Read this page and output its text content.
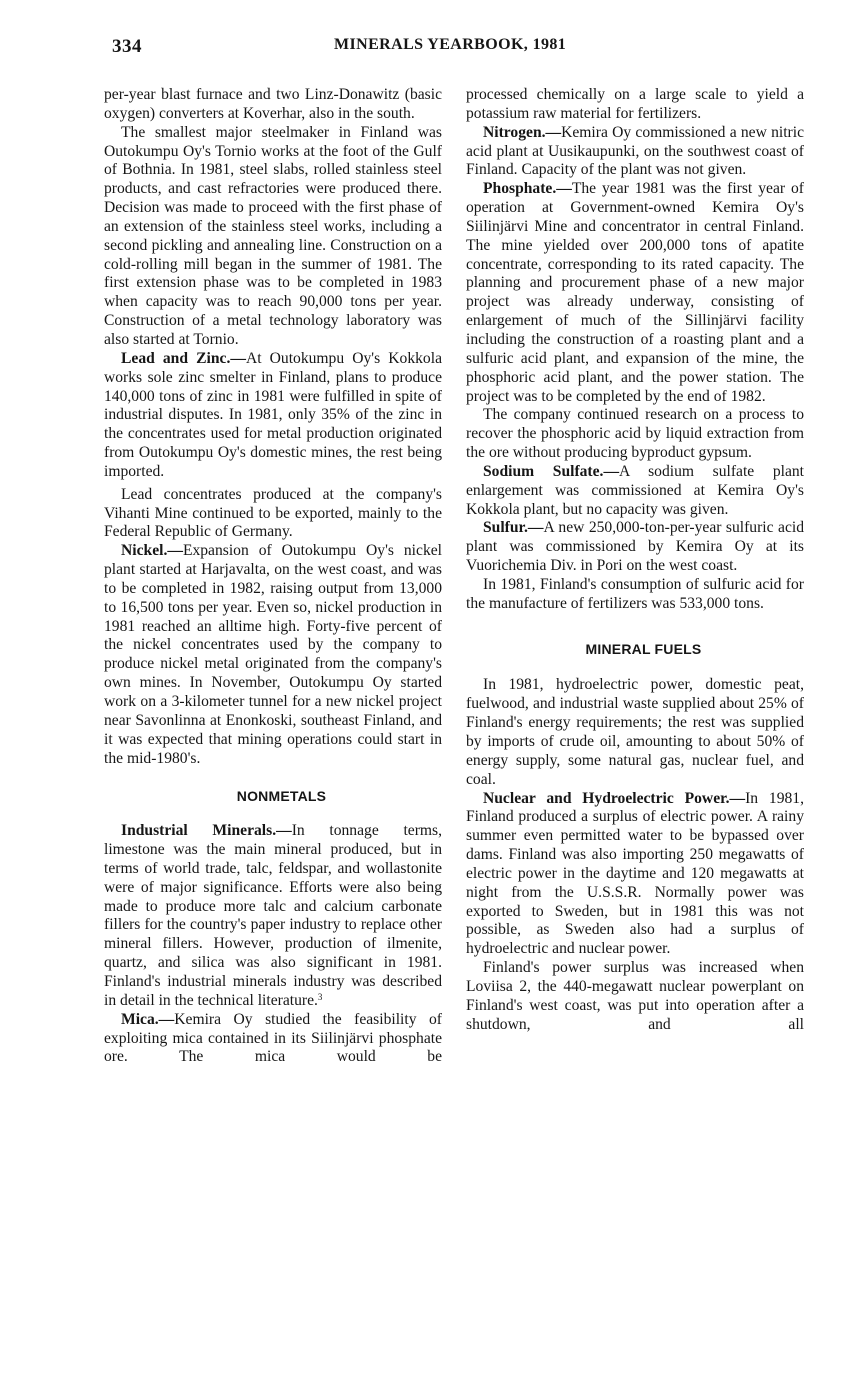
334	MINERALS YEARBOOK, 1981

per-year blast furnace and two Linz-Donawitz (basic oxygen) converters at Koverhar, also in the south.

The smallest major steelmaker in Finland was Outokumpu Oy's Tornio works at the foot of the Gulf of Bothnia. In 1981, steel slabs, rolled stainless steel products, and cast refractories were produced there. Decision was made to proceed with the first phase of an extension of the stainless steel works, including a second pickling and annealing line. Construction on a cold-rolling mill began in the summer of 1981. The first extension phase was to be completed in 1983 when capacity was to reach 90,000 tons per year. Construction of a metal technology laboratory was also started at Tornio.

Lead and Zinc.—At Outokumpu Oy's Kokkola works sole zinc smelter in Finland, plans to produce 140,000 tons of zinc in 1981 were fulfilled in spite of industrial disputes. In 1981, only 35% of the zinc in the concentrates used for metal production originated from Outokumpu Oy's domestic mines, the rest being imported.

Lead concentrates produced at the company's Vihanti Mine continued to be exported, mainly to the Federal Republic of Germany.

Nickel.—Expansion of Outokumpu Oy's nickel plant started at Harjavalta, on the west coast, and was to be completed in 1982, raising output from 13,000 to 16,500 tons per year. Even so, nickel production in 1981 reached an alltime high. Forty-five percent of the nickel concentrates used by the company to produce nickel metal originated from the company's own mines. In November, Outokumpu Oy started work on a 3-kilometer tunnel for a new nickel project near Savonlinna at Enonkoski, southeast Finland, and it was expected that mining operations could start in the mid-1980's.

NONMETALS

Industrial Minerals.—In tonnage terms, limestone was the main mineral produced, but in terms of world trade, talc, feldspar, and wollastonite were of major significance. Efforts were also being made to produce more talc and calcium carbonate fillers for the country's paper industry to replace other mineral fillers. However, production of ilmenite, quartz, and silica was also significant in 1981. Finland's industrial minerals industry was described in detail in the technical literature.$^3$

Mica.—Kemira Oy studied the feasibility of exploiting mica contained in its Siilinjärvi phosphate ore. The mica would be

processed chemically on a large scale to yield a potassium raw material for fertilizers.

Nitrogen.—Kemira Oy commissioned a new nitric acid plant at Uusikaupunki, on the southwest coast of Finland. Capacity of the plant was not given.

Phosphate.—The year 1981 was the first year of operation at Government-owned Kemira Oy's Siilinjärvi Mine and concentrator in central Finland. The mine yielded over 200,000 tons of apatite concentrate, corresponding to its rated capacity. The planning and procurement phase of a new major project was already underway, consisting of enlargement of much of the Sillinjärvi facility including the construction of a roasting plant and a sulfuric acid plant, and expansion of the mine, the phosphoric acid plant, and the power station. The project was to be completed by the end of 1982.

The company continued research on a process to recover the phosphoric acid by liquid extraction from the ore without producing byproduct gypsum.

Sodium Sulfate.—A sodium sulfate plant enlargement was commissioned at Kemira Oy's Kokkola plant, but no capacity was given.

Sulfur.—A new 250,000-ton-per-year sulfuric acid plant was commissioned by Kemira Oy at its Vuorichemia Div. in Pori on the west coast.

In 1981, Finland's consumption of sulfuric acid for the manufacture of fertilizers was 533,000 tons.

MINERAL FUELS

In 1981, hydroelectric power, domestic peat, fuelwood, and industrial waste supplied about 25% of Finland's energy requirements; the rest was supplied by imports of crude oil, amounting to about 50% of energy supply, some natural gas, nuclear fuel, and coal.

Nuclear and Hydroelectric Power.—In 1981, Finland produced a surplus of electric power. A rainy summer even permitted water to be bypassed over dams. Finland was also importing 250 megawatts of electric power in the daytime and 120 megawatts at night from the U.S.S.R. Normally power was exported to Sweden, but in 1981 this was not possible, as Sweden also had a surplus of hydroelectric and nuclear power.

Finland's power surplus was increased when Loviisa 2, the 440-megawatt nuclear powerplant on Finland's west coast, was put into operation after a shutdown, and all
